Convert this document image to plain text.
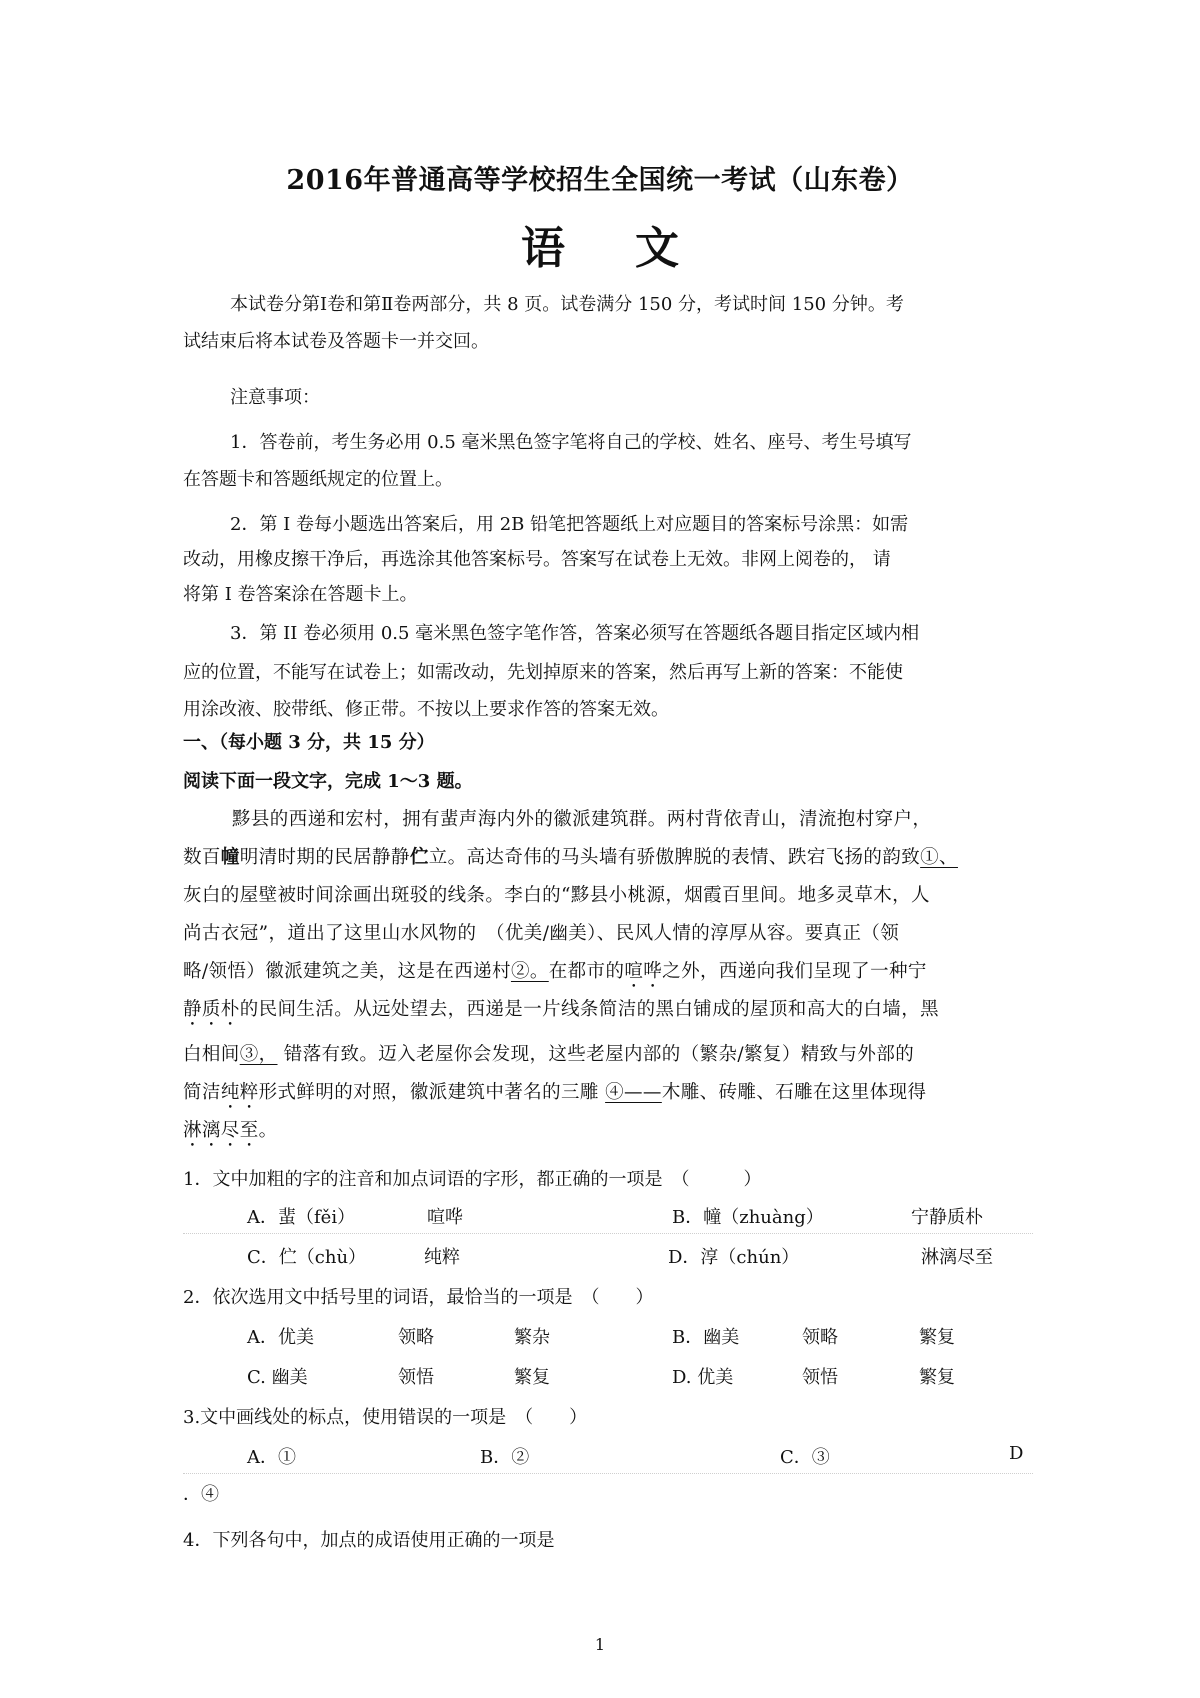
2016年普通高等学校招生全国统一考试（山东卷）
语文
本试卷分第Ⅰ卷和第Ⅱ卷两部分，共 8 页。试卷满分 150 分，考试时间 150 分钟。考
试结束后将本试卷及答题卡一并交回。
注意事项：
1．答卷前，考生务必用 0.5 毫米黑色签字笔将自己的学校、姓名、座号、考生号填写
在答题卡和答题纸规定的位置上。
2．第 I 卷每小题选出答案后，用 2B 铅笔把答题纸上对应题目的答案标号涂黑：如需
改动，用橡皮擦干净后，再选涂其他答案标号。答案写在试卷上无效。非网上阅卷的， 请
将第 I 卷答案涂在答题卡上。
3．第 II 卷必须用 0.5 毫米黑色签字笔作答，答案必须写在答题纸各题目指定区域内相
应的位置，不能写在试卷上；如需改动，先划掉原来的答案，然后再写上新的答案：不能使
用涂改液、胶带纸、修正带。不按以上要求作答的答案无效。
一、（每小题 3 分，共 15 分）
阅读下面一段文字，完成 1～3 题。
黟县的西递和宏村，拥有蜚声海内外的徽派建筑群。两村背依青山，清流抱村穿户，
数百幢明清时期的民居静静伫立。高达奇伟的马头墙有骄傲脾脱的表情、跌宕飞扬的韵致①、
灰白的屋壁被时间涂画出斑驳的线条。李白的“黟县小桃源，烟霞百里间。地多灵草木，人
尚古衣冠”，道出了这里山水风物的　（优美/幽美）、民风人情的淳厚从容。要真正（领
略/领悟）徽派建筑之美，这是在西递村②。在都市的喧哗之外，西递向我们呈现了一种宁
静质朴的民间生活。从远处望去，西递是一片线条简洁的黑白铺成的屋顶和高大的白墙，黑
白相间③， 错落有致。迈入老屋你会发现，这些老屋内部的（繁杂/繁复）精致与外部的
简洁纯粹形式鲜明的对照，徽派建筑中著名的三雕 ④——木雕、砖雕、石雕在这里体现得
淋漓尽至。
1．文中加粗的字的注音和加点词语的字形，都正确的一项是　（　　　）
A．蜚（fěi）	喧哗	B．幢（zhuàng）	宁静质朴
C．伫（chù）	纯粹	D．淳（chún）	淋漓尽至
2．依次选用文中括号里的词语，最恰当的一项是　（　　）
A．优美	领略	繁杂	B．幽美	领略	繁复
C. 幽美	领悟	繁复	D. 优美	领悟	繁复
3.文中画线处的标点，使用错误的一项是　（　　）
A．①	B．②	C．③	D
．④
4．下列各句中，加点的成语使用正确的一项是
1
